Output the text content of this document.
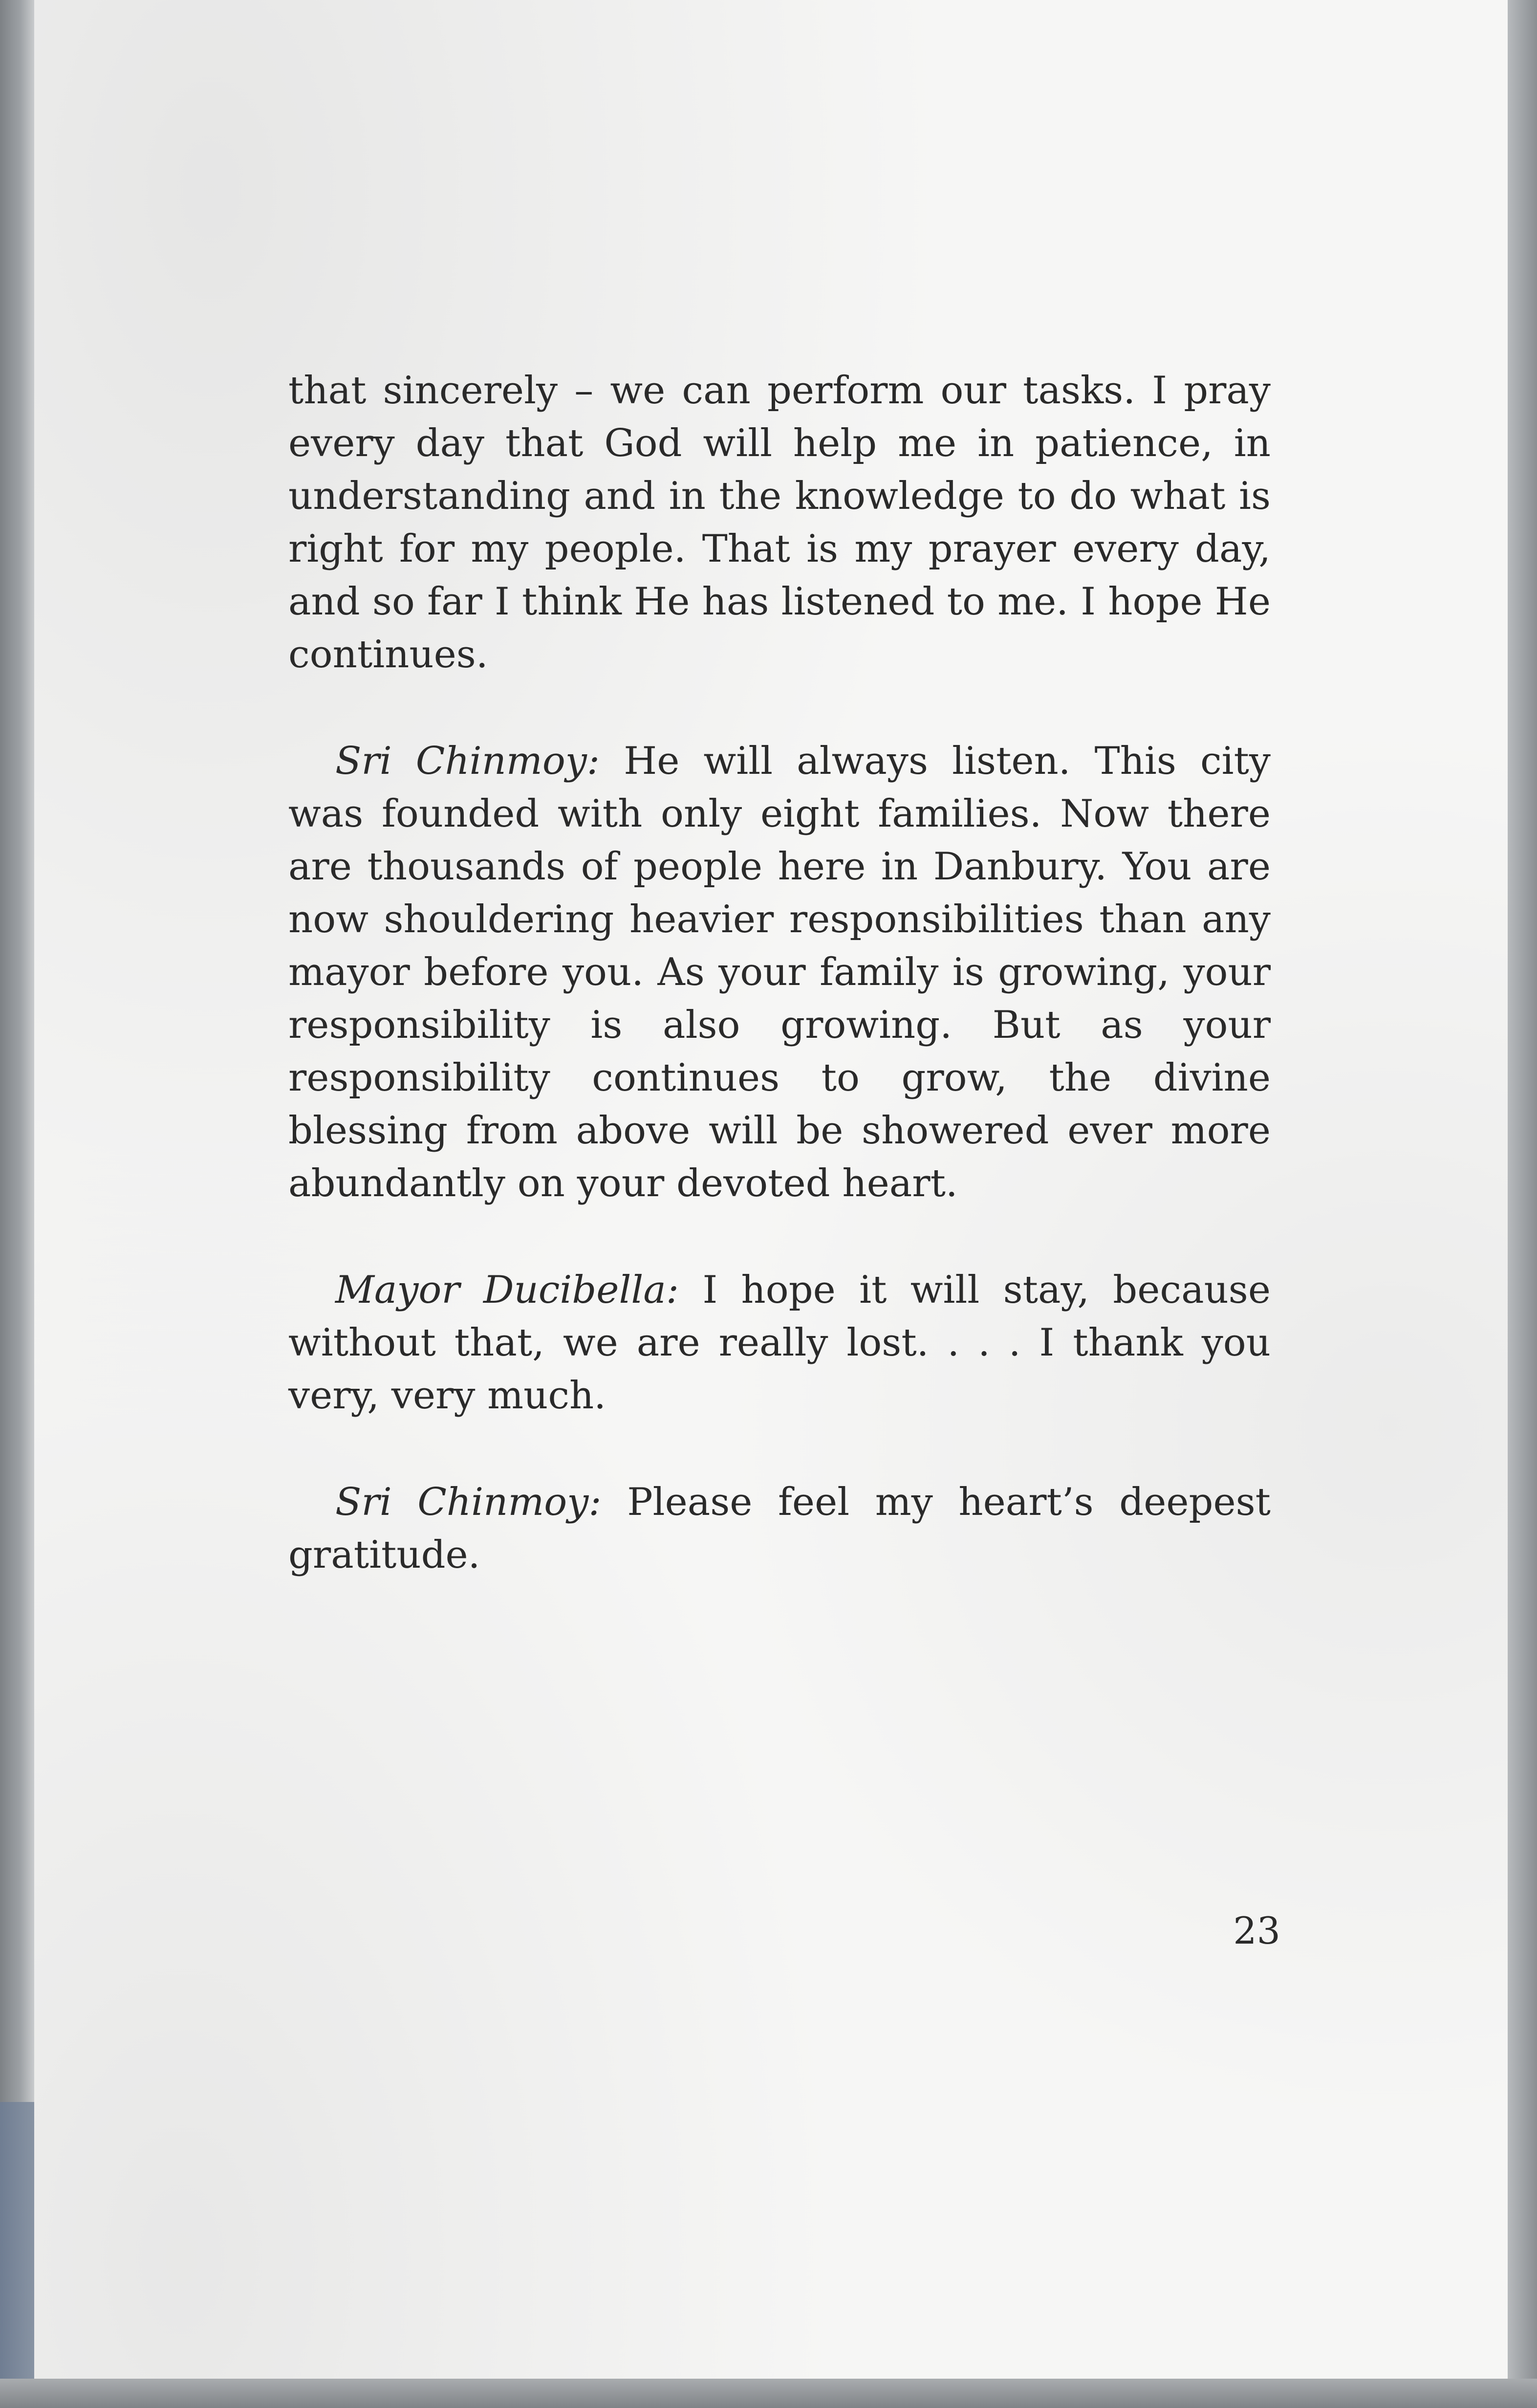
that sincerely – we can perform our tasks. I pray every day that God will help me in patience, in understanding and in the knowledge to do what is right for my people. That is my prayer every day, and so far I think He has listened to me. I hope He continues.

Sri Chinmoy: He will always listen. This city was founded with only eight families. Now there are thousands of people here in Danbury. You are now shouldering heavier responsibilities than any mayor before you. As your family is growing, your responsibility is also growing. But as your responsibility continues to grow, the divine blessing from above will be showered ever more abundantly on your devoted heart.

Mayor Ducibella: I hope it will stay, because without that, we are really lost. . . . I thank you very, very much.

Sri Chinmoy: Please feel my heart’s deepest gratitude.

23
